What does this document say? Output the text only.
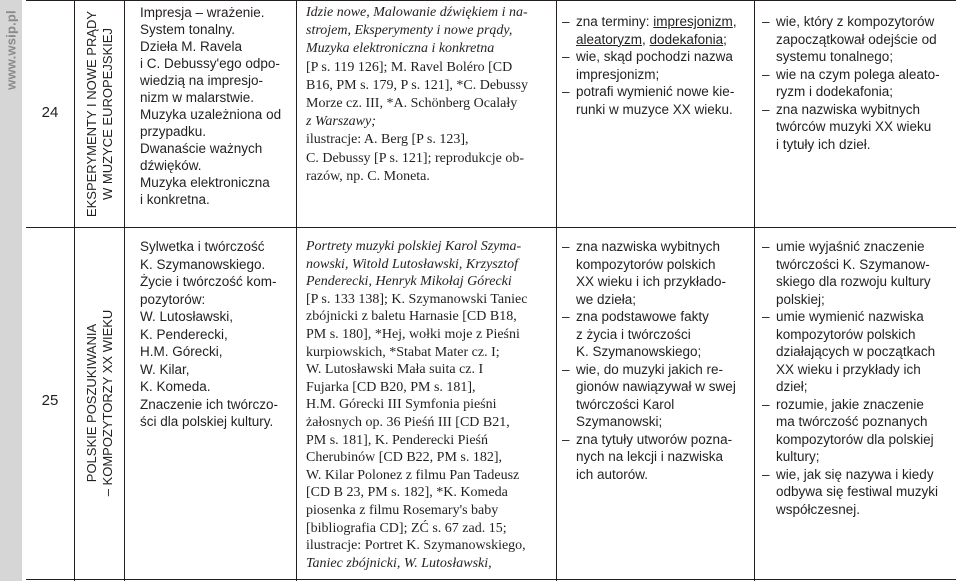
www.wsip.pl
24	EKSPERYMENTY I NOWE PRĄDY W MUZYCE EUROPEJSKIEJ

Impresja – wrażenie.

System tonalny.

Dzieła M. Ravela

i C. Debussy'ego odpo-

wiedzią na impresjo-

nizm w malarstwie.

Muzyka uzależniona od

przypadku.

Dwanaście ważnych

dźwięków.

Muzyka elektroniczna

i konkretna.

Idzie nowe, Malowanie dźwiękiem i na-

strojem, Eksperymenty i nowe prądy,

Muzyka elektroniczna i konkretna

[P s. 119 126]; M. Ravel Boléro [CD

B16, PM s. 179, P s. 121], *C. Debussy

Morze cz. III, *A. Schönberg Ocalały

z Warszawy;

ilustracje: A. Berg [P s. 123],

C. Debussy [P s. 121]; reprodukcje ob-

razów, np. C. Moneta.

– zna terminy: impresjonizm,

aleatoryzm, dodekafonia;

– wie, skąd pochodzi nazwa

impresjonizm;

– potrafi wymienić nowe kie-

runki w muzyce XX wieku.

– wie, który z kompozytorów

zapoczątkował odejście od

systemu tonalnego;

– wie na czym polega aleato-

ryzm i dodekafonia;

– zna nazwiska wybitnych

twórców muzyki XX wieku

i tytuły ich dzieł.

25	POLSKIE POSZUKIWANIA – KOMPOZYTORZY XX WIEKU

Sylwetka i twórczość

K. Szymanowskiego.

Życie i twórczość kom-

pozytorów:

W. Lutosławski,

K. Penderecki,

H.M. Górecki,

W. Kilar,

K. Komeda.

Znaczenie ich twórczo-

ści dla polskiej kultury.

Portrety muzyki polskiej Karol Szyma-

nowski, Witold Lutosławski, Krzysztof

Penderecki, Henryk Mikołaj Górecki

[P s. 133 138]; K. Szymanowski Taniec

zbójnicki z baletu Harnasie [CD B18,

PM s. 180], *Hej, wołki moje z Pieśni

kurpiowskich, *Stabat Mater cz. I;

W. Lutosławski Mała suita cz. I

Fujarka [CD B20, PM s. 181],

H.M. Górecki III Symfonia pieśni

żałosnych op. 36 Pieśń III [CD B21,

PM s. 181], K. Penderecki Pieśń

Cherubinów [CD B22, PM s. 182],

W. Kilar Polonez z filmu Pan Tadeusz

[CD B 23, PM s. 182], *K. Komeda

piosenka z filmu Rosemary's baby

[bibliografia CD]; ZĆ s. 67 zad. 15;

ilustracje: Portret K. Szymanowskiego,

Taniec zbójnicki, W. Lutosławski,

– zna nazwiska wybitnych

kompozytorów polskich

XX wieku i ich przykłado-

we dzieła;

– zna podstawowe fakty

z życia i twórczości

K. Szymanowskiego;

– wie, do muzyki jakich re-

gionów nawiązywał w swej

twórczości Karol

Szymanowski;

– zna tytuły utworów pozna-

nych na lekcji i nazwiska

ich autorów.

– umie wyjaśnić znaczenie

twórczości K. Szymanow-

skiego dla rozwoju kultury

polskiej;

– umie wymienić nazwiska

kompozytorów polskich

działających w początkach

XX wieku i przykłady ich

dzieł;

– rozumie, jakie znaczenie

ma twórczość poznanych

kompozytorów dla polskiej

kultury;

– wie, jak się nazywa i kiedy

odbywa się festiwal muzyki

współczesnej.
